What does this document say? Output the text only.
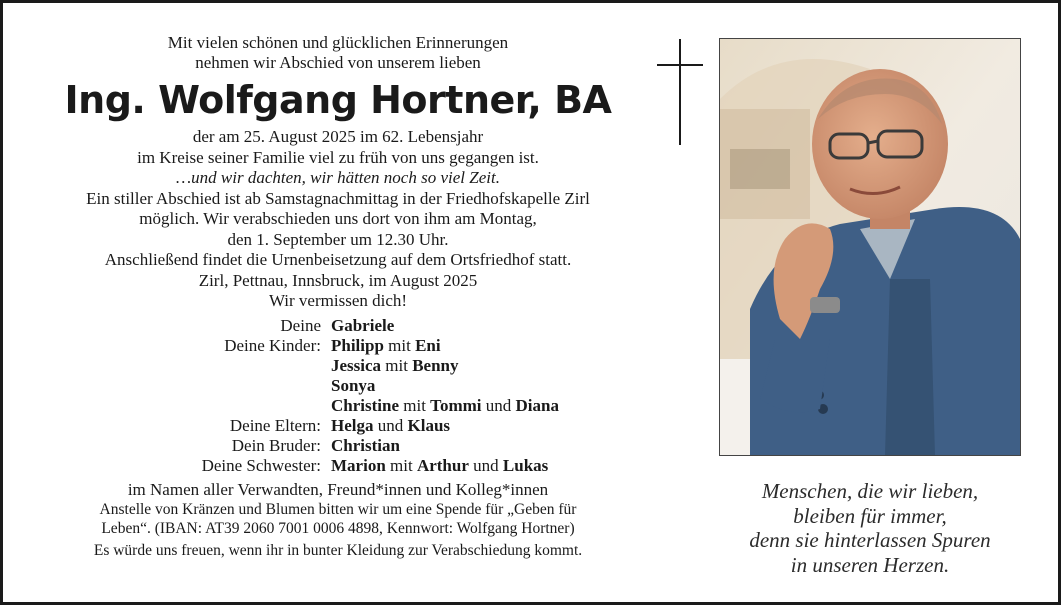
Mit vielen schönen und glücklichen Erinnerungen
nehmen wir Abschied von unserem lieben
Ing. Wolfgang Hortner, BA
der am 25. August 2025 im 62. Lebensjahr
im Kreise seiner Familie viel zu früh von uns gegangen ist.
…und wir dachten, wir hätten noch so viel Zeit.
Ein stiller Abschied ist ab Samstagnachmittag in der Friedhofskapelle Zirl
möglich. Wir verabschieden uns dort von ihm am Montag,
den 1. September um 12.30 Uhr.
Anschließend findet die Urnenbeisetzung auf dem Ortsfriedhof statt.
Zirl, Pettnau, Innsbruck, im August 2025
Wir vermissen dich!
Deine Gabriele
Deine Kinder: Philipp mit Eni
Jessica mit Benny
Sonya
Christine mit Tommi und Diana
Deine Eltern: Helga und Klaus
Dein Bruder: Christian
Deine Schwester: Marion mit Arthur und Lukas
im Namen aller Verwandten, Freund*innen und Kolleg*innen
Anstelle von Kränzen und Blumen bitten wir um eine Spende für „Geben für
Leben“. (IBAN: AT39 2060 7001 0006 4898, Kennwort: Wolfgang Hortner)
Es würde uns freuen, wenn ihr in bunter Kleidung zur Verabschiedung kommt.
Menschen, die wir lieben,
bleiben für immer,
denn sie hinterlassen Spuren
in unseren Herzen.
